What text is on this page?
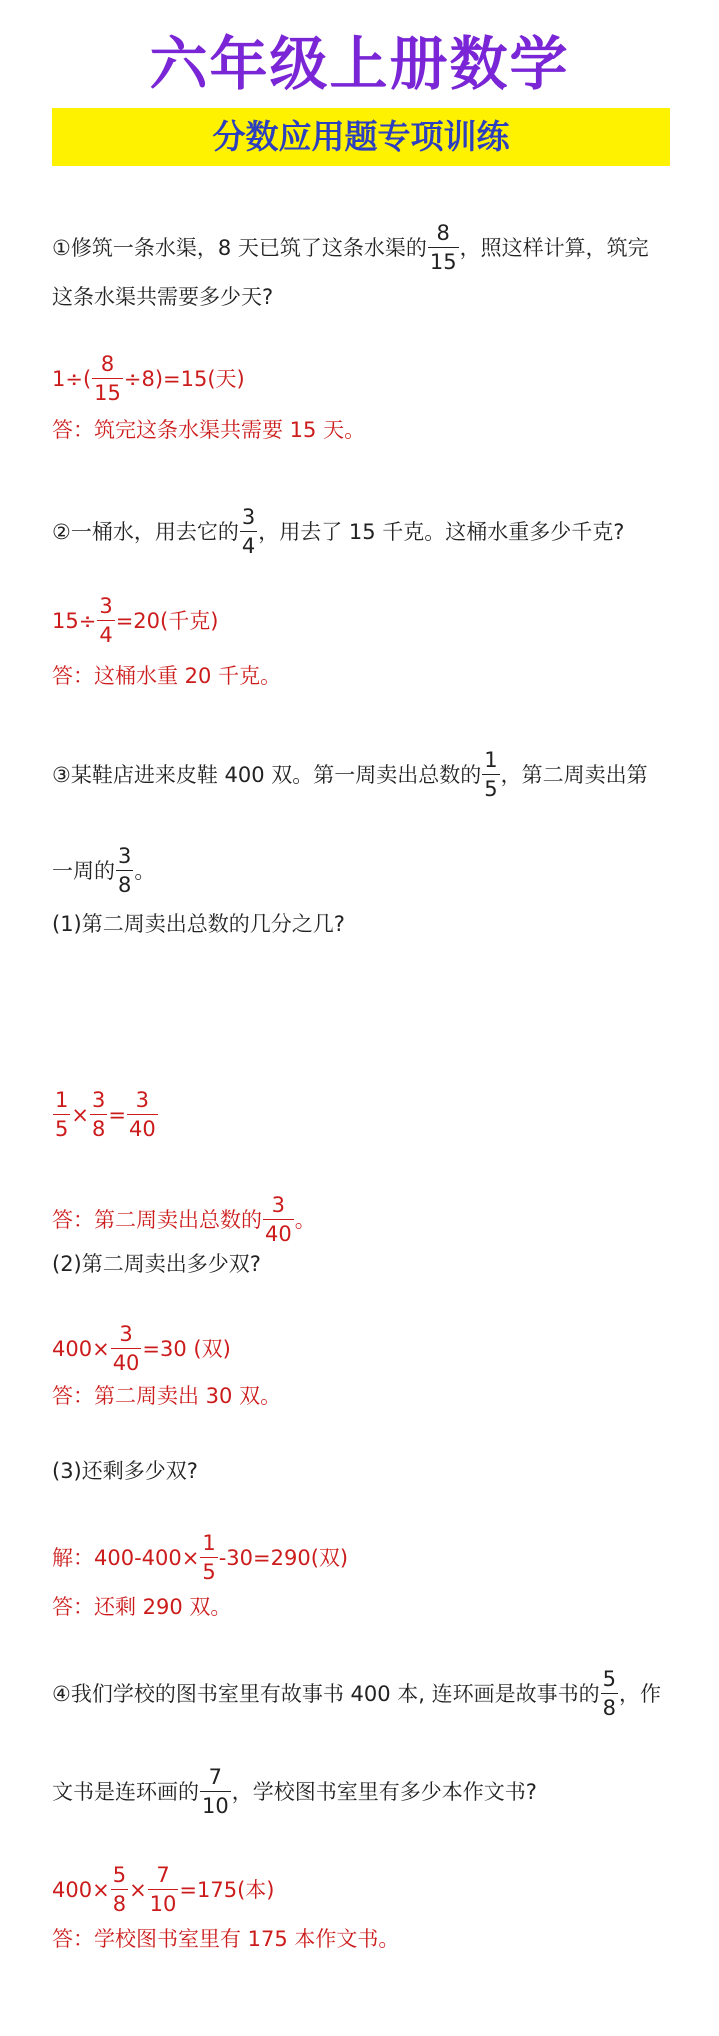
六年级上册数学
分数应用题专项训练
①修筑一条水渠，8 天已筑了这条水渠的 $\frac{8}{15}$ ，照这样计算，筑完
这条水渠共需要多少天?
$1\div( \frac{8}{15} \div 8)=15$(天)
答：筑完这条水渠共需要 15 天。
②一桶水，用去它的 $\frac{3}{4}$ ，用去了 15 千克。这桶水重多少千克?
$15\div \frac{3}{4} =20$(千克)
答：这桶水重 20 千克。
③某鞋店进来皮鞋 400 双。第一周卖出总数的 $\frac{1}{5}$ ，第二周卖出第
一周的 $\frac{3}{8}$ 。
(1)第二周卖出总数的几分之几?
$\frac{1}{5} \times \frac{3}{8} = \frac{3}{40}$
答：第二周卖出总数的 $\frac{3}{40}$ 。
(2)第二周卖出多少双?
$400\times \frac{3}{40} =30$ (双)
答：第二周卖出 30 双。
(3)还剩多少双?
解：$400-400\times \frac{1}{5} -30=290$(双)
答：还剩 290 双。
④我们学校的图书室里有故事书 400 本, 连环画是故事书的 $\frac{5}{8}$ ，作
文书是连环画的 $\frac{7}{10}$ ，学校图书室里有多少本作文书?
$400\times \frac{5}{8} \times \frac{7}{10} =175$(本)
答：学校图书室里有 175 本作文书。
